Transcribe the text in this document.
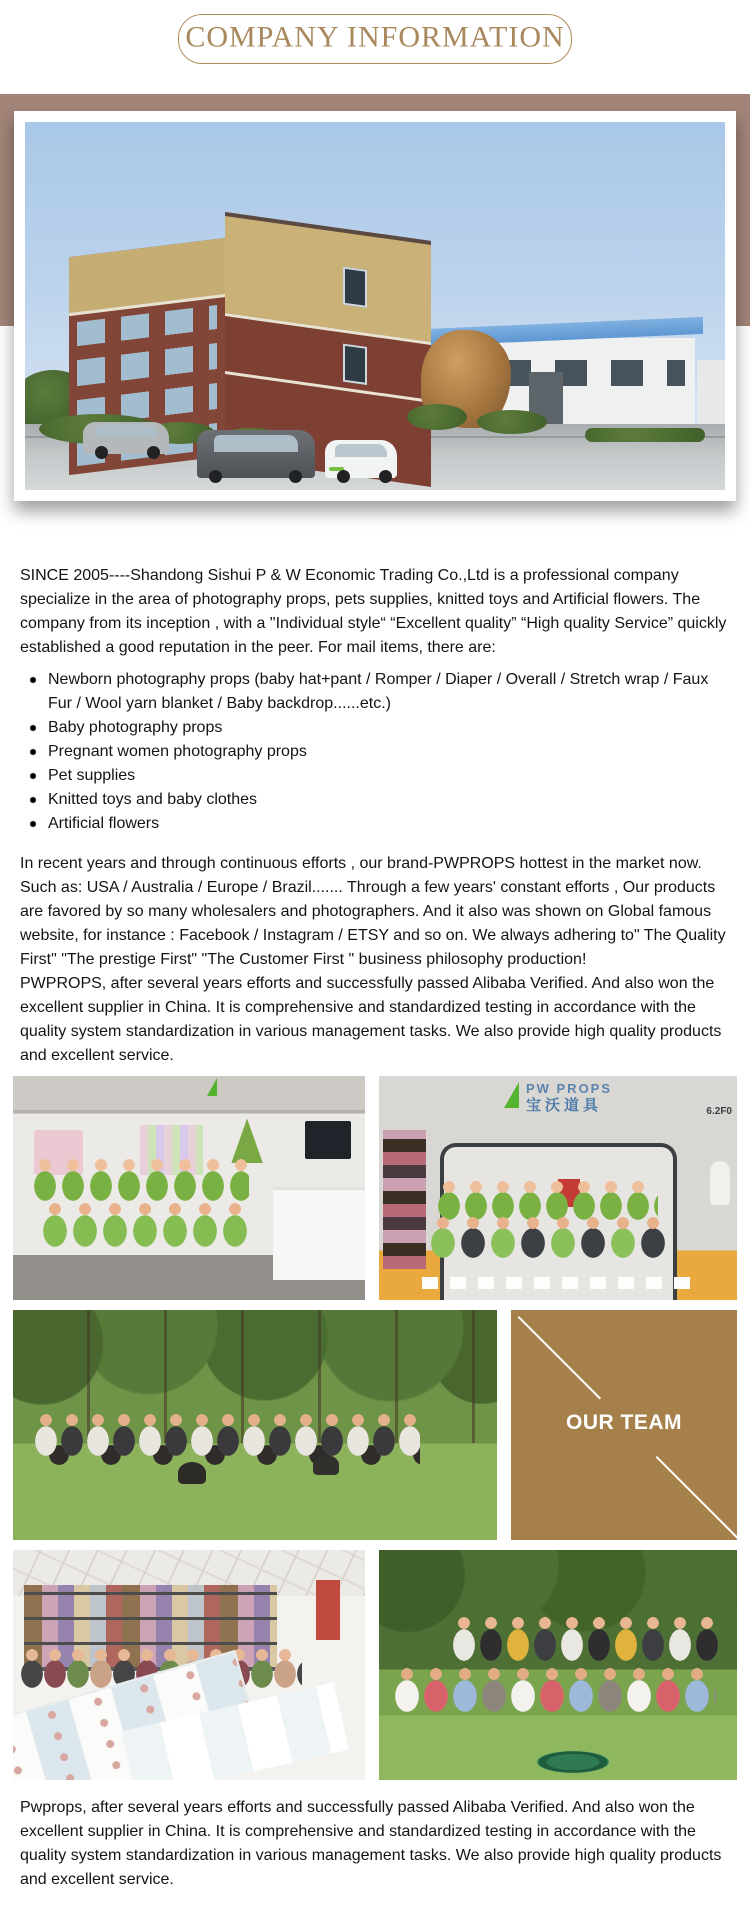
COMPANY INFORMATION

SINCE 2005----Shandong Sishui P & W Economic Trading Co.,Ltd is a professional company specialize in the area of photography props, pets supplies, knitted toys and Artificial flowers. The company from its inception , with a "Individual style“ “Excellent quality” “High quality Service” quickly established a good reputation in the peer. For mail items, there are:

Newborn photography props (baby hat+pant / Romper / Diaper / Overall / Stretch wrap / Faux Fur / Wool yarn blanket / Baby backdrop......etc.)
Baby photography props
Pregnant women photography props
Pet supplies
Knitted toys and baby clothes
Artificial flowers

In recent years and through continuous efforts , our brand-PWPROPS hottest in the market now. Such as: USA / Australia / Europe / Brazil....... Through a few years' constant efforts , Our products are favored by so many wholesalers and photographers. And it also was shown on Global famous website, for instance : Facebook / Instagram / ETSY and so on. We always adhering to" The Quality First" "The prestige First" "The Customer First " business philosophy production!

PWPROPS, after several years efforts and successfully passed Alibaba Verified. And also won the excellent supplier in China. It is comprehensive and standardized testing in accordance with the quality system standardization in various management tasks. We also provide high quality products and excellent service.

PW PROPS
宝沃道具	6.2F0
OUR TEAM

Pwprops, after several years efforts and successfully passed Alibaba Verified. And also won the excellent supplier in China. It is comprehensive and standardized testing in accordance with the quality system standardization in various management tasks. We also provide high quality products and excellent service.
